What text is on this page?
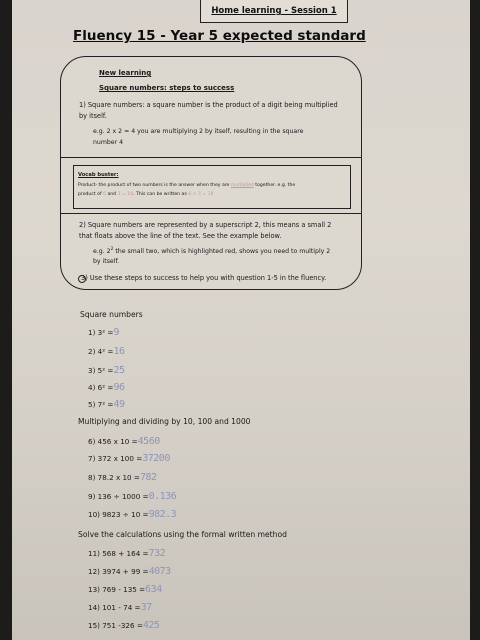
Home learning - Session 1
Fluency 15 - Year 5 expected standard
New learning
Square numbers: steps to success
1) Square numbers: a square number is the product of a digit being multiplied
by itself.
e.g. 2 x 2 = 4 you are multiplying 2 by itself, resulting in the square
number 4
Vocab buster:
Product- the product of two numbers is the answer when they are multiplied together. e.g. the
product of 6 and 3 = 18. This can be written as 6 × 3 = 18
2) Square numbers are represented by a superscript 2, this means a small 2
that floats above the line of the text. See the example below.
e.g. $2^2$ the small two, which is highlighted red, shows you need to multiply 2
by itself.
3) Use these steps to success to help you with question 1-5 in the fluency.
Square numbers
1) 3² =9
2) 4² =16
3) 5² =25
4) 6² =96
5) 7² =49
Multiplying and dividing by 10, 100 and 1000
6) 456 x 10 =4560
7) 372 x 100 =37200
8) 78.2 x 10 =782
9) 136 ÷ 1000 =0.136
10) 9823 ÷ 10 =982.3
Solve the calculations using the formal written method
11) 568 + 164 =732
12) 3974 + 99 =4073
13) 769 - 135 =634
14) 101 - 74 =37
15) 751 -326 =425
